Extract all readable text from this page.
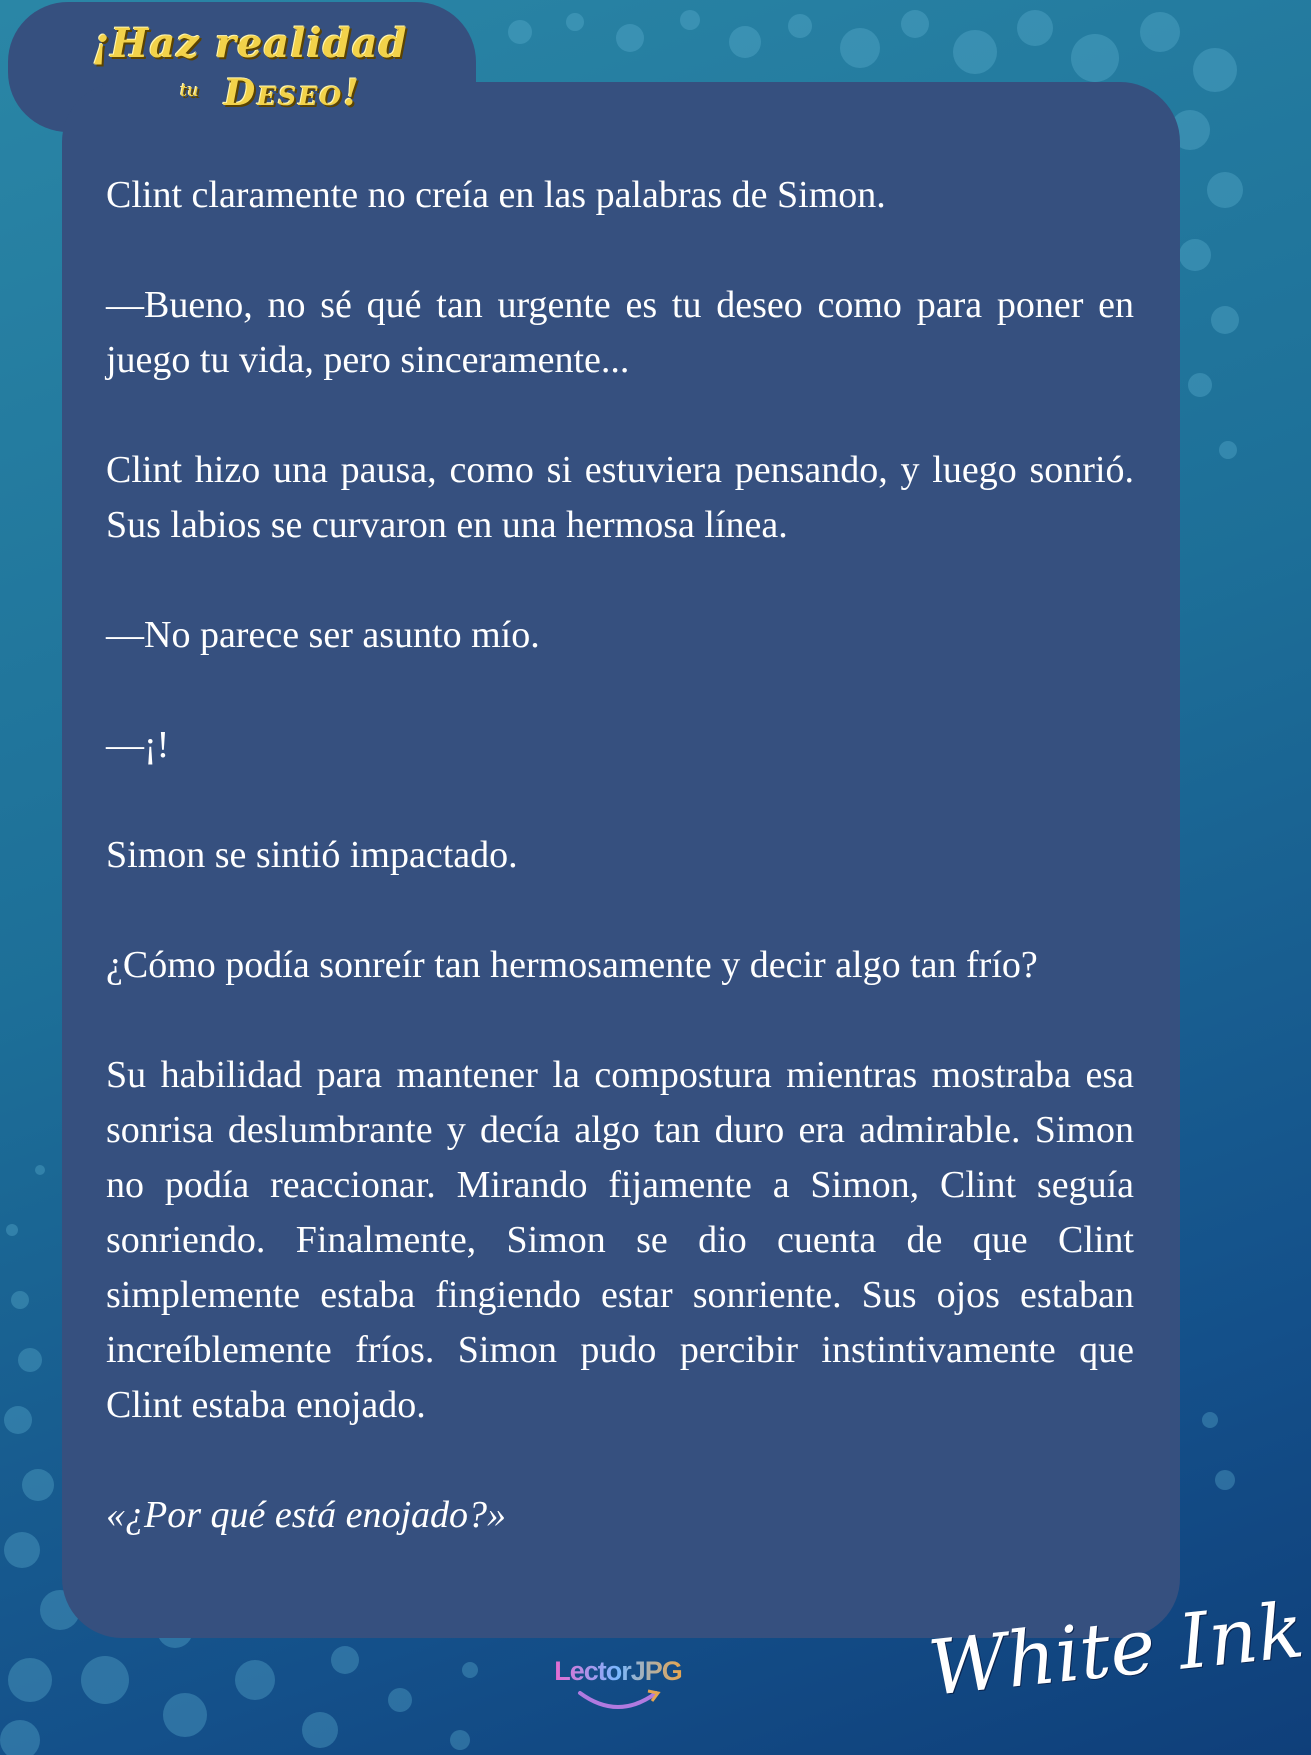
¡Haz realidad
tu Deseo!

Clint claramente no creía en las palabras de Simon.

—Bueno, no sé qué tan urgente es tu deseo como para poner en juego tu vida, pero sinceramente...

Clint hizo una pausa, como si estuviera pensando, y luego sonrió. Sus labios se curvaron en una hermosa línea.

—No parece ser asunto mío.

—¡!

Simon se sintió impactado.

¿Cómo podía sonreír tan hermosamente y decir algo tan frío?

Su habilidad para mantener la compostura mientras mostraba esa sonrisa deslumbrante y decía algo tan duro era admirable. Simon no podía reaccionar. Mirando fijamente a Simon, Clint seguía sonriendo. Finalmente, Simon se dio cuenta de que Clint simplemente estaba fingiendo estar sonriente. Sus ojos estaban increíblemente fríos. Simon pudo percibir instintivamente que Clint estaba enojado.

«¿Por qué está enojado?»

LectorJPG	White Ink
